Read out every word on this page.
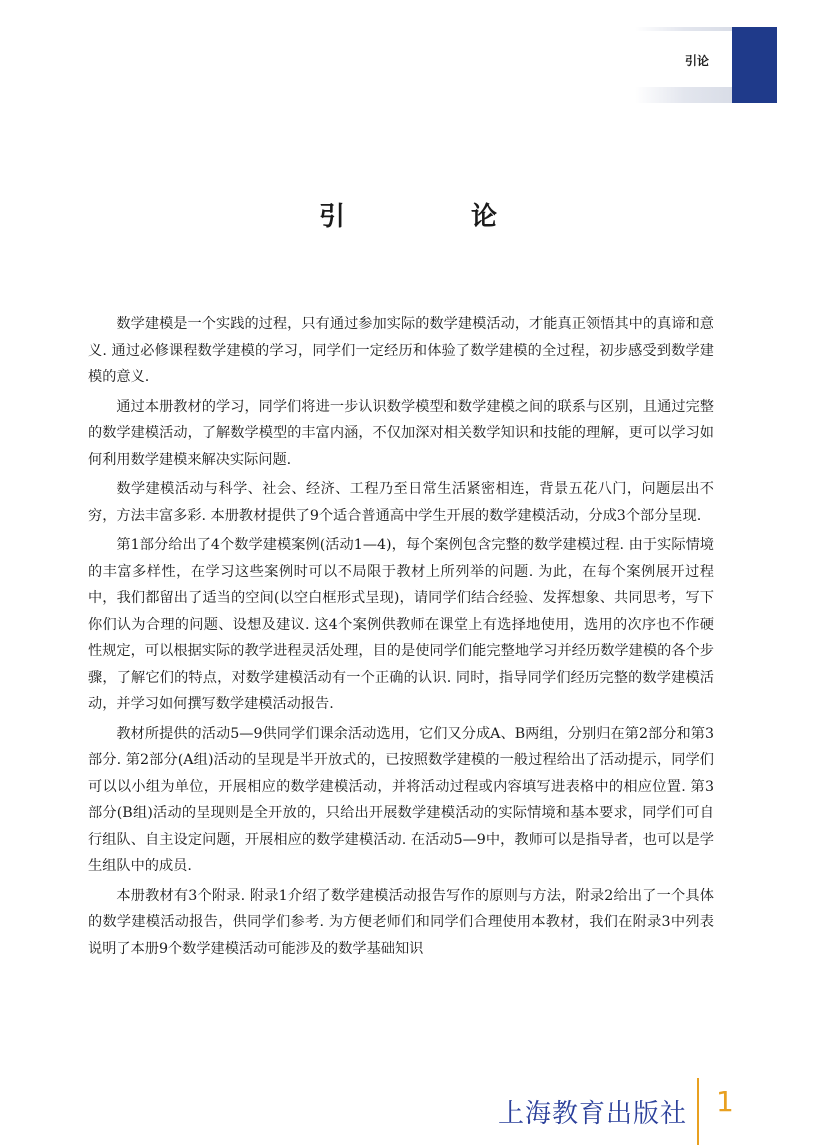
引论
引　论

数学建模是一个实践的过程，只有通过参加实际的数学建模活动，才能真正领悟其中的真谛和意义. 通过必修课程数学建模的学习，同学们一定经历和体验了数学建模的全过程，初步感受到数学建模的意义.

通过本册教材的学习，同学们将进一步认识数学模型和数学建模之间的联系与区别，且通过完整的数学建模活动，了解数学模型的丰富内涵，不仅加深对相关数学知识和技能的理解，更可以学习如何利用数学建模来解决实际问题.

数学建模活动与科学、社会、经济、工程乃至日常生活紧密相连，背景五花八门，问题层出不穷，方法丰富多彩. 本册教材提供了9个适合普通高中学生开展的数学建模活动，分成3个部分呈现.

第1部分给出了4个数学建模案例(活动1—4)，每个案例包含完整的数学建模过程. 由于实际情境的丰富多样性，在学习这些案例时可以不局限于教材上所列举的问题. 为此，在每个案例展开过程中，我们都留出了适当的空间(以空白框形式呈现)，请同学们结合经验、发挥想象、共同思考，写下你们认为合理的问题、设想及建议. 这4个案例供教师在课堂上有选择地使用，选用的次序也不作硬性规定，可以根据实际的教学进程灵活处理，目的是使同学们能完整地学习并经历数学建模的各个步骤，了解它们的特点，对数学建模活动有一个正确的认识. 同时，指导同学们经历完整的数学建模活动，并学习如何撰写数学建模活动报告.

教材所提供的活动5—9供同学们课余活动选用，它们又分成A、B两组，分别归在第2部分和第3部分. 第2部分(A组)活动的呈现是半开放式的，已按照数学建模的一般过程给出了活动提示，同学们可以以小组为单位，开展相应的数学建模活动，并将活动过程或内容填写进表格中的相应位置. 第3部分(B组)活动的呈现则是全开放的，只给出开展数学建模活动的实际情境和基本要求，同学们可自行组队、自主设定问题，开展相应的数学建模活动. 在活动5—9中，教师可以是指导者，也可以是学生组队中的成员.

本册教材有3个附录. 附录1介绍了数学建模活动报告写作的原则与方法，附录2给出了一个具体的数学建模活动报告，供同学们参考. 为方便老师们和同学们合理使用本教材，我们在附录3中列表说明了本册9个数学建模活动可能涉及的数学基础知识

上海教育出版社 1
